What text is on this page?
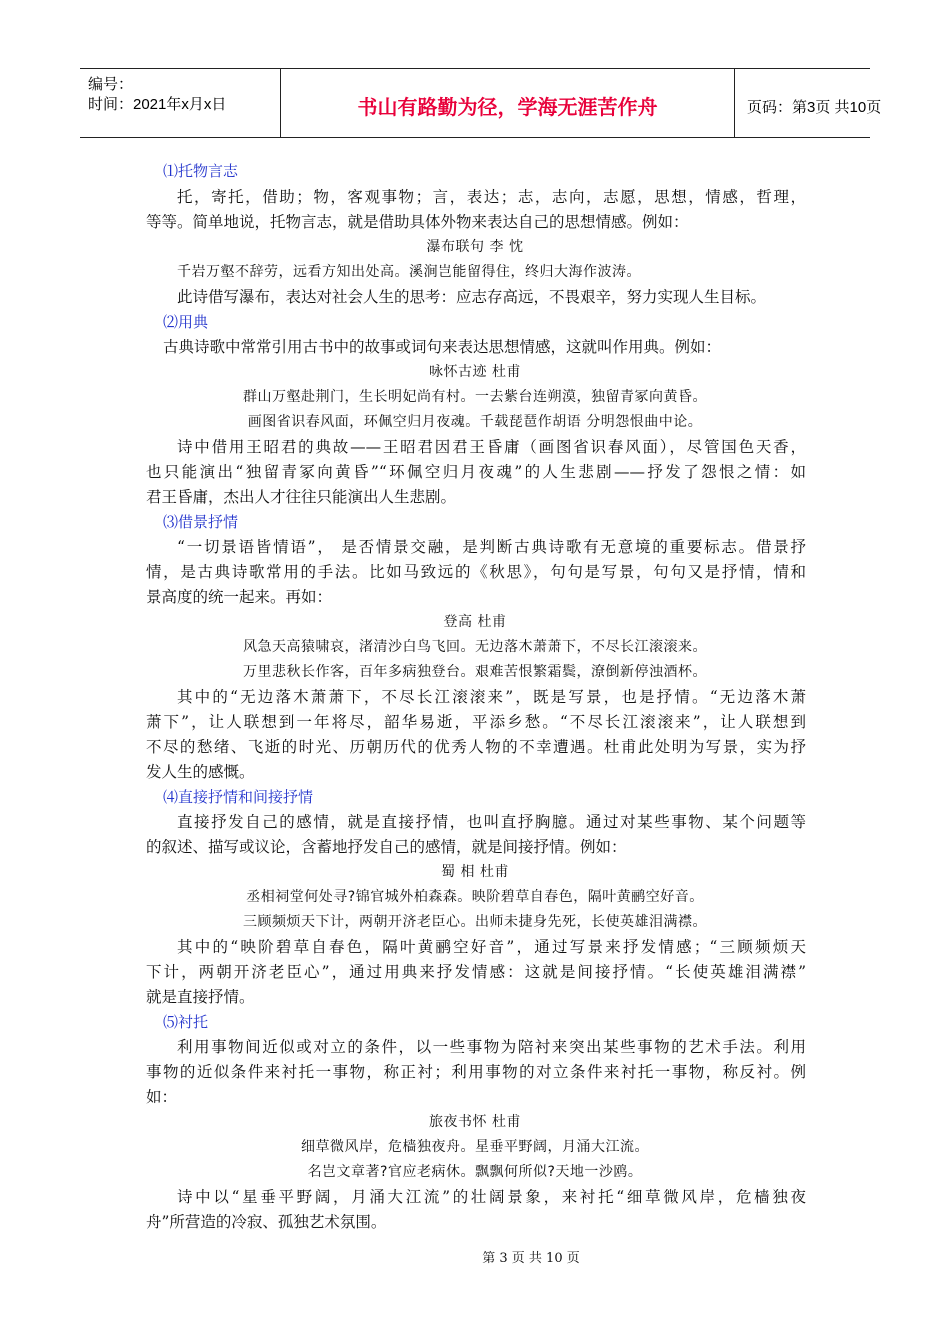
编号：
时间：2021年x月x日	书山有路勤为径，学海无涯苦作舟	页码：第3页 共10页
⑴托物言志
托，寄托，借助；物，客观事物；言，表达；志，志向，志愿，思想，情感，哲理，
等等。简单地说，托物言志，就是借助具体外物来表达自己的思想情感。例如：
瀑布联句 李 忱
千岩万壑不辞劳，远看方知出处高。溪涧岂能留得住，终归大海作波涛。
此诗借写瀑布，表达对社会人生的思考：应志存高远，不畏艰辛，努力实现人生目标。
⑵用典
古典诗歌中常常引用古书中的故事或词句来表达思想情感，这就叫作用典。例如：
咏怀古迹 杜甫
群山万壑赴荆门，生长明妃尚有村。一去紫台连朔漠，独留青冢向黄昏。
画图省识春风面，环佩空归月夜魂。千载琵琶作胡语 分明怨恨曲中论。
诗中借用王昭君的典故——王昭君因君王昏庸（画图省识春风面），尽管国色天香，
也只能演出“独留青冢向黄昏”“环佩空归月夜魂”的人生悲剧——抒发了怨恨之情：如
君王昏庸，杰出人才往往只能演出人生悲剧。
⑶借景抒情
“一切景语皆情语”， 是否情景交融，是判断古典诗歌有无意境的重要标志。借景抒
情，是古典诗歌常用的手法。比如马致远的《秋思》，句句是写景，句句又是抒情，情和
景高度的统一起来。再如：
登高 杜甫
风急天高猿啸哀，渚清沙白鸟飞回。无边落木萧萧下，不尽长江滚滚来。
万里悲秋长作客，百年多病独登台。艰难苦恨繁霜鬓，潦倒新停浊酒杯。
其中的“无边落木萧萧下，不尽长江滚滚来”，既是写景，也是抒情。“无边落木萧
萧下”，让人联想到一年将尽，韶华易逝，平添乡愁。“不尽长江滚滚来”，让人联想到
不尽的愁绪、飞逝的时光、历朝历代的优秀人物的不幸遭遇。杜甫此处明为写景，实为抒
发人生的感慨。
⑷直接抒情和间接抒情
直接抒发自己的感情，就是直接抒情，也叫直抒胸臆。通过对某些事物、某个问题等
的叙述、描写或议论，含蓄地抒发自己的感情，就是间接抒情。例如：
蜀 相 杜甫
丞相祠堂何处寻?锦官城外柏森森。映阶碧草自春色，隔叶黄鹂空好音。
三顾频烦天下计，两朝开济老臣心。出师未捷身先死，长使英雄泪满襟。
其中的“映阶碧草自春色，隔叶黄鹂空好音”，通过写景来抒发情感；“三顾频烦天
下计，两朝开济老臣心”，通过用典来抒发情感：这就是间接抒情。“长使英雄泪满襟”
就是直接抒情。
⑸衬托
利用事物间近似或对立的条件，以一些事物为陪衬来突出某些事物的艺术手法。利用
事物的近似条件来衬托一事物，称正衬；利用事物的对立条件来衬托一事物，称反衬。例
如：
旅夜书怀 杜甫
细草微风岸，危樯独夜舟。星垂平野阔，月涌大江流。
名岂文章著?官应老病休。飘飘何所似?天地一沙鸥。
诗中以“星垂平野阔，月涌大江流”的壮阔景象，来衬托“细草微风岸，危樯独夜
舟”所营造的冷寂、孤独艺术氛围。
第 3 页 共 10 页
